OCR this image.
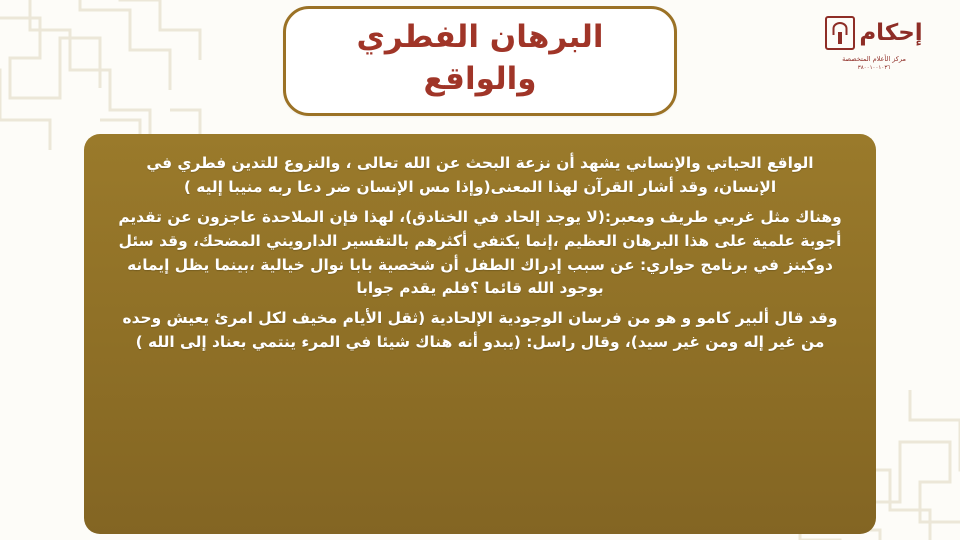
البرهان الفطري
والواقع
إحكام
مركز الأعلام المتخصصة
٣٨٠٠١٠٠١٠٣٦

الواقع الحياتي والإنساني يشهد أن نزعة البحث عن الله تعالى ، والنزوع للتدين فطري في الإنسان، وقد أشار القرآن لهذا المعنى(وإذا مس الإنسان ضر دعا ربه منيبا إليه )

وهناك مثل غربي طريف ومعبر:(لا يوجد إلحاد في الخنادق)، لهذا فإن الملاحدة عاجزون عن تقديم أجوبة علمية على هذا البرهان العظيم ،إنما يكتفي أكثرهم بالتفسير الدارويني المضحك، وقد سئل دوكينز في برنامج حواري: عن سبب إدراك الطفل أن شخصية بابا نوال خيالية ،بينما يظل إيمانه بوجود الله قائما ؟فلم يقدم جوابا

وقد قال ألبير كامو و هو من فرسان الوجودية الإلحادية (ثقل الأيام مخيف لكل امرئ يعيش وحده من غير إله ومن غير سيد)، وقال راسل: (يبدو أنه هناك شيئا في المرء ينتمي بعناد إلى الله )
